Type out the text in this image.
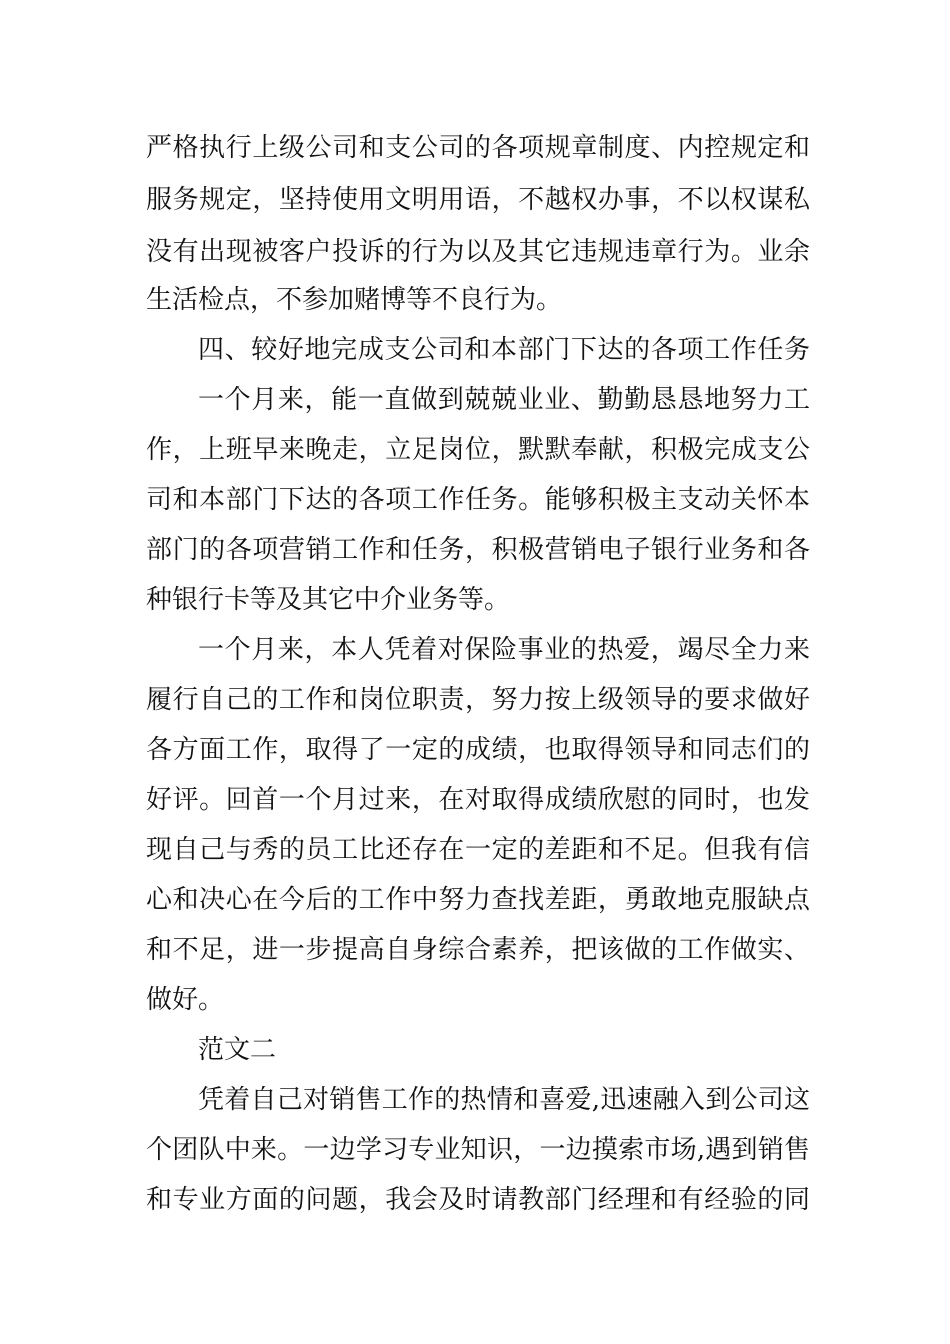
严格执行上级公司和支公司的各项规章制度、内控规定和
服务规定，坚持使用文明用语，不越权办事，不以权谋私
没有出现被客户投诉的行为以及其它违规违章行为。业余
生活检点，不参加赌博等不良行为。
四、较好地完成支公司和本部门下达的各项工作任务
一个月来，能一直做到兢兢业业、勤勤恳恳地努力工
作，上班早来晚走，立足岗位，默默奉献，积极完成支公
司和本部门下达的各项工作任务。能够积极主支动关怀本
部门的各项营销工作和任务，积极营销电子银行业务和各
种银行卡等及其它中介业务等。
一个月来，本人凭着对保险事业的热爱，竭尽全力来
履行自己的工作和岗位职责，努力按上级领导的要求做好
各方面工作，取得了一定的成绩，也取得领导和同志们的
好评。回首一个月过来，在对取得成绩欣慰的同时，也发
现自己与秀的员工比还存在一定的差距和不足。但我有信
心和决心在今后的工作中努力查找差距，勇敢地克服缺点
和不足，进一步提高自身综合素养，把该做的工作做实、
做好。
范文二
凭着自己对销售工作的热情和喜爱,迅速融入到公司这
个团队中来。一边学习专业知识，一边摸索市场,遇到销售
和专业方面的问题，我会及时请教部门经理和有经验的同
